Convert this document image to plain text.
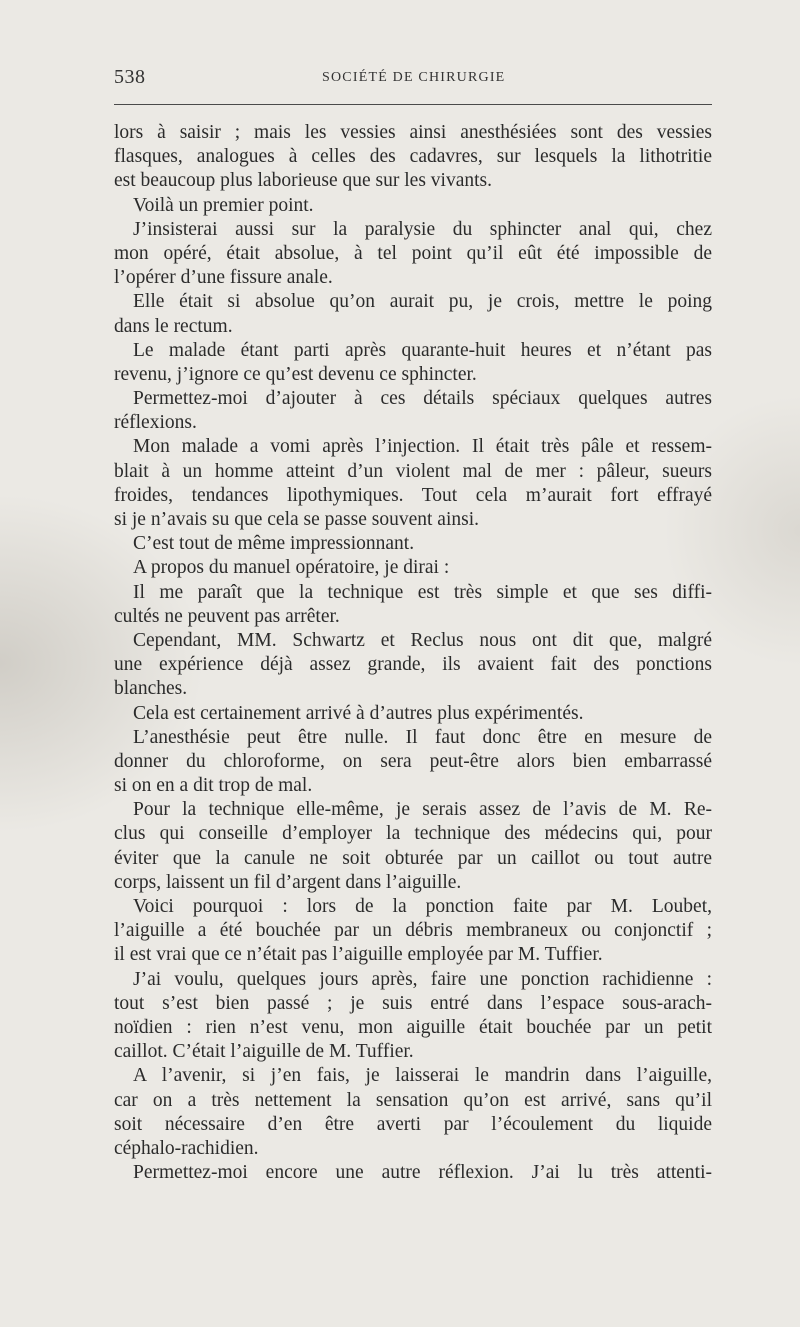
538	SOCIÉTÉ DE CHIRURGIE
lors à saisir ; mais les vessies ainsi anesthésiées sont des vessies
flasques, analogues à celles des cadavres, sur lesquels la lithotritie
est beaucoup plus laborieuse que sur les vivants.
Voilà un premier point.
J’insisterai aussi sur la paralysie du sphincter anal qui, chez
mon opéré, était absolue, à tel point qu’il eût été impossible de
l’opérer d’une fissure anale.
Elle était si absolue qu’on aurait pu, je crois, mettre le poing
dans le rectum.
Le malade étant parti après quarante-huit heures et n’étant pas
revenu, j’ignore ce qu’est devenu ce sphincter.
Permettez-moi d’ajouter à ces détails spéciaux quelques autres
réflexions.
Mon malade a vomi après l’injection. Il était très pâle et ressem-
blait à un homme atteint d’un violent mal de mer : pâleur, sueurs
froides, tendances lipothymiques. Tout cela m’aurait fort effrayé
si je n’avais su que cela se passe souvent ainsi.
C’est tout de même impressionnant.
A propos du manuel opératoire, je dirai :
Il me paraît que la technique est très simple et que ses diffi-
cultés ne peuvent pas arrêter.
Cependant, MM. Schwartz et Reclus nous ont dit que, malgré
une expérience déjà assez grande, ils avaient fait des ponctions
blanches.
Cela est certainement arrivé à d’autres plus expérimentés.
L’anesthésie peut être nulle. Il faut donc être en mesure de
donner du chloroforme, on sera peut-être alors bien embarrassé
si on en a dit trop de mal.
Pour la technique elle-même, je serais assez de l’avis de M. Re-
clus qui conseille d’employer la technique des médecins qui, pour
éviter que la canule ne soit obturée par un caillot ou tout autre
corps, laissent un fil d’argent dans l’aiguille.
Voici pourquoi : lors de la ponction faite par M. Loubet,
l’aiguille a été bouchée par un débris membraneux ou conjonctif ;
il est vrai que ce n’était pas l’aiguille employée par M. Tuffier.
J’ai voulu, quelques jours après, faire une ponction rachidienne :
tout s’est bien passé ; je suis entré dans l’espace sous-arach-
noïdien : rien n’est venu, mon aiguille était bouchée par un petit
caillot. C’était l’aiguille de M. Tuffier.
A l’avenir, si j’en fais, je laisserai le mandrin dans l’aiguille,
car on a très nettement la sensation qu’on est arrivé, sans qu’il
soit nécessaire d’en être averti par l’écoulement du liquide
céphalo-rachidien.
Permettez-moi encore une autre réflexion. J’ai lu très attenti-
